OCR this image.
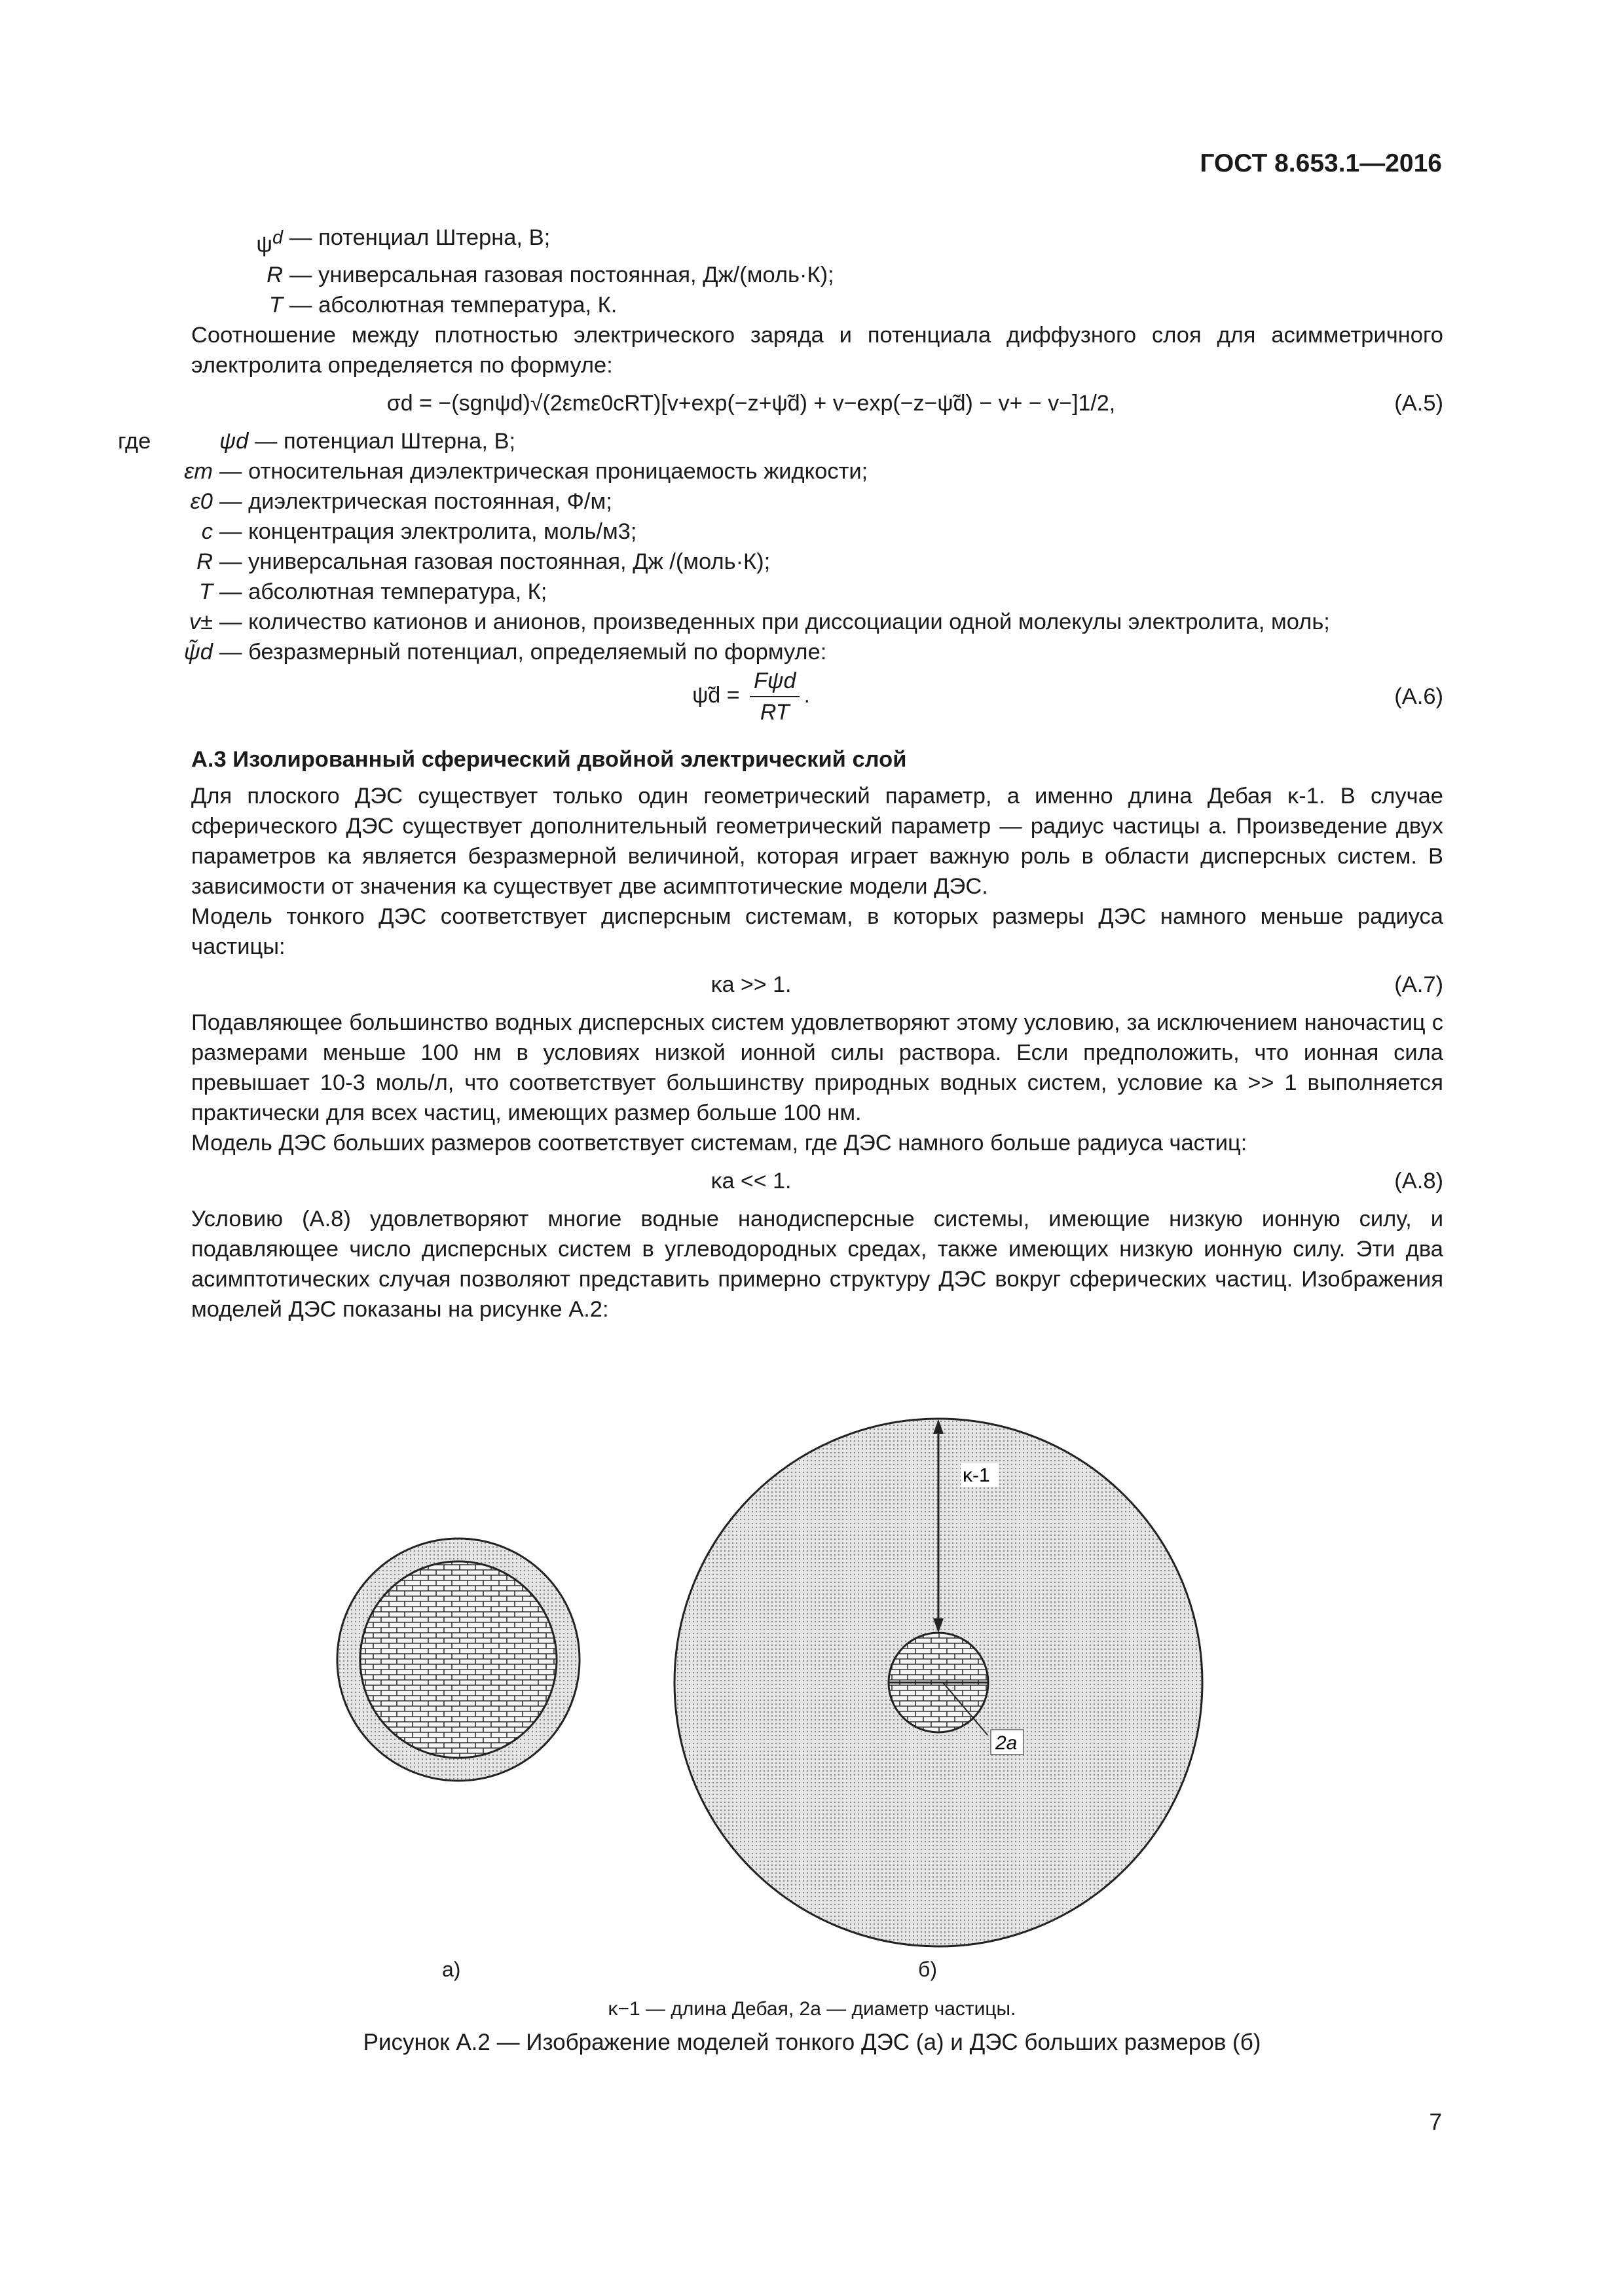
ГОСТ 8.653.1—2016
$\psi^d$ — потенциал Штерна, В;
R — универсальная газовая постоянная, Дж/(моль·К);
T — абсолютная температура, К.

Соотношение между плотностью электрического заряда и потенциала диффузного слоя для асимметричного электролита определяется по формуле:

σd = −(sgnψd)√(2εmε0cRT)[v+exp(−z+ψ̃d) + v−exp(−z−ψ̃d) − v+ − v−]1/2,	(А.5)
где	ψd — потенциал Штерна, В;
εm — относительная диэлектрическая проницаемость жидкости;
ε0 — диэлектрическая постоянная, Ф/м;
c — концентрация электролита, моль/м3;
R — универсальная газовая постоянная, Дж /(моль·К);
T — абсолютная температура, К;
v± — количество катионов и анионов, произведенных при диссоциации одной молекулы электролита, моль;
ψ̃d — безразмерный потенциал, определяемый по формуле:
ψ̃d =
Fψd
RT
.	(А.6)

А.3 Изолированный сферический двойной электрический слой

Для плоского ДЭС существует только один геометрический параметр, а именно длина Дебая κ-1. В случае сферического ДЭС существует дополнительный геометрический параметр — радиус частицы a. Произведение двух параметров κa является безразмерной величиной, которая играет важную роль в области дисперсных систем. В зависимости от значения κa существует две асимптотические модели ДЭС.

Модель тонкого ДЭС соответствует дисперсным системам, в которых размеры ДЭС намного меньше радиуса частицы:

κa >> 1.	(А.7)

Подавляющее большинство водных дисперсных систем удовлетворяют этому условию, за исключением наночастиц с размерами меньше 100 нм в условиях низкой ионной силы раствора. Если предположить, что ионная сила превышает 10-3 моль/л, что соответствует большинству природных водных систем, условие κa >> 1 выполняется практически для всех частиц, имеющих размер больше 100 нм.

Модель ДЭС больших размеров соответствует системам, где ДЭС намного больше радиуса частиц:

κa << 1.	(А.8)

Условию (А.8) удовлетворяют многие водные нанодисперсные системы, имеющие низкую ионную силу, и подавляющее число дисперсных систем в углеводородных средах, также имеющих низкую ионную силу. Эти два асимптотических случая позволяют представить примерно структуру ДЭС вокруг сферических частиц. Изображения моделей ДЭС показаны на рисунке А.2:

κ-1
2a
а)	б)
κ−1 — длина Дебая, 2а — диаметр частицы.
Рисунок А.2 — Изображение моделей тонкого ДЭС (а) и ДЭС больших размеров (б)
7
